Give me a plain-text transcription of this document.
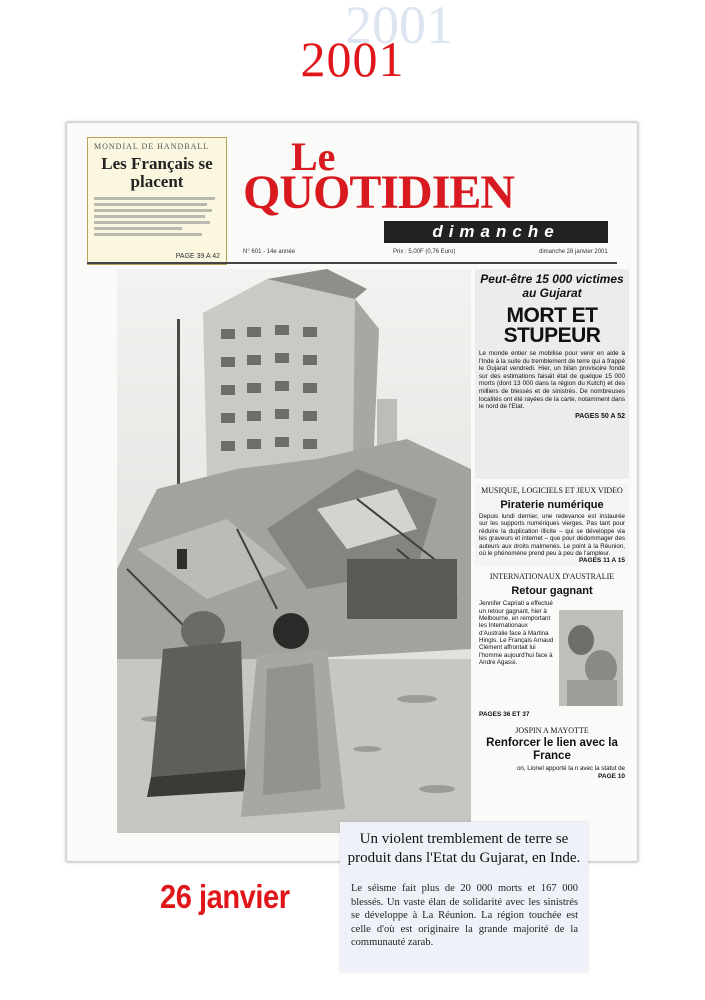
2001
2001
MONDIAL DE HANDBALL
Les Français se placent
PAGE 39 A 42
Le
QUOTIDIEN
dimanche
N° 601 - 14e année	Prix : 5,00F (0,76 Euro)	dimanche 28 janvier 2001
Peut-être 15 000 victimes au Gujarat
MORT ET STUPEUR
Le monde entier se mobilise pour venir en aide à l'Inde à la suite du tremblement de terre qui a frappé le Gujarat vendredi. Hier, un bilan provisoire fondé sur des estimations faisait état de quelque 15 000 morts (dont 13 000 dans la région du Kutch) et des milliers de blessés et de sinistrés. De nombreuses localités ont été rayées de la carte, notamment dans le nord de l'Etat.
PAGES 50 A 52
MUSIQUE, LOGICIELS ET JEUX VIDEO
Piraterie numérique
Depuis lundi dernier, une redevance est instaurée sur les supports numériques vierges. Pas tant pour réduire la duplication illicite – qui se développe via les graveurs et internet – que pour dédommager des auteurs aux droits malmenés. Le point à la Réunion, où le phénomène prend peu à peu de l'ampleur.
PAGES 11 A 15
INTERNATIONAUX D'AUSTRALIE
Retour gagnant
Jennifer Capriati a effectué un retour gagnant, hier à Melbourne, en remportant les Internationaux d'Australie face à Martina Hingis. Le Français Arnaud Clément affrontait lui l'homme aujourd'hui face à Andre Agassi.
PAGES 36 ET 37
JOSPIN A MAYOTTE
Renforcer le lien avec la France
on, Lionel apporté la n avec la statut de
PAGE 10
26 janvier
Un violent tremblement de terre se produit dans l'Etat du Gujarat, en Inde.
Le séisme fait plus de 20 000 morts et 167 000 blessés. Un vaste élan de solidarité avec les sinistrés se développe à La Réunion. La région touchée est celle d'où est originaire la grande majorité de la communauté zarab.
